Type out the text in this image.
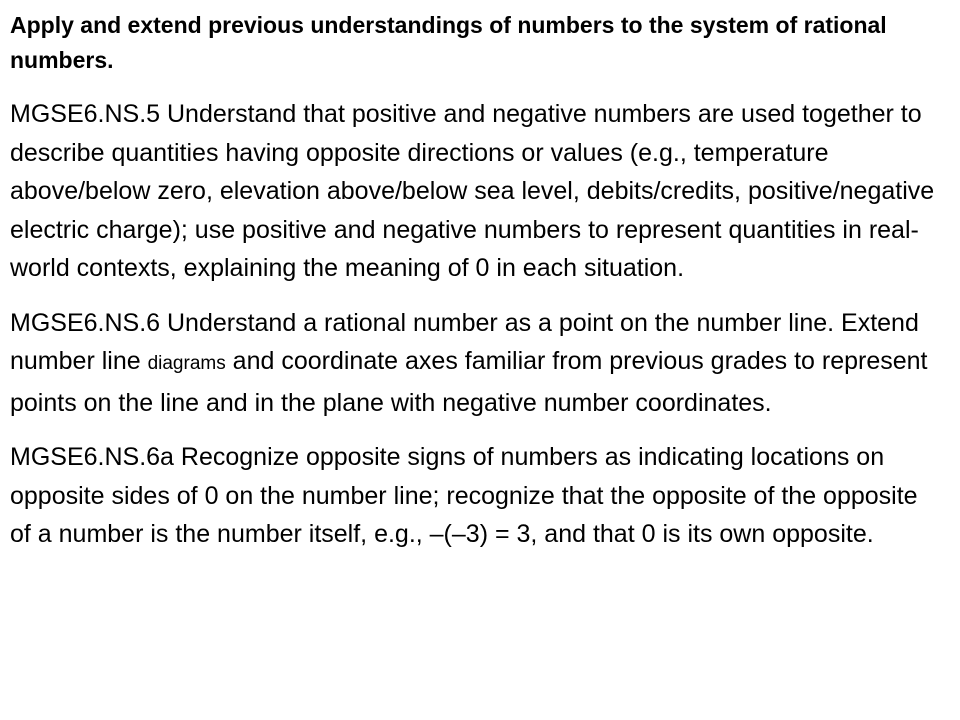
Apply and extend previous understandings of numbers to the system of rational numbers.

MGSE6.NS.5 Understand that positive and negative numbers are used together to describe quantities having opposite directions or values (e.g., temperature above/below zero, elevation above/below sea level, debits/credits, positive/negative electric charge); use positive and negative numbers to represent quantities in real-world contexts, explaining the meaning of 0 in each situation.

MGSE6.NS.6 Understand a rational number as a point on the number line. Extend number line diagrams and coordinate axes familiar from previous grades to represent points on the line and in the plane with negative number coordinates.

MGSE6.NS.6a Recognize opposite signs of numbers as indicating locations on opposite sides of 0 on the number line; recognize that the opposite of the opposite of a number is the number itself, e.g., –(–3) = 3, and that 0 is its own opposite.
